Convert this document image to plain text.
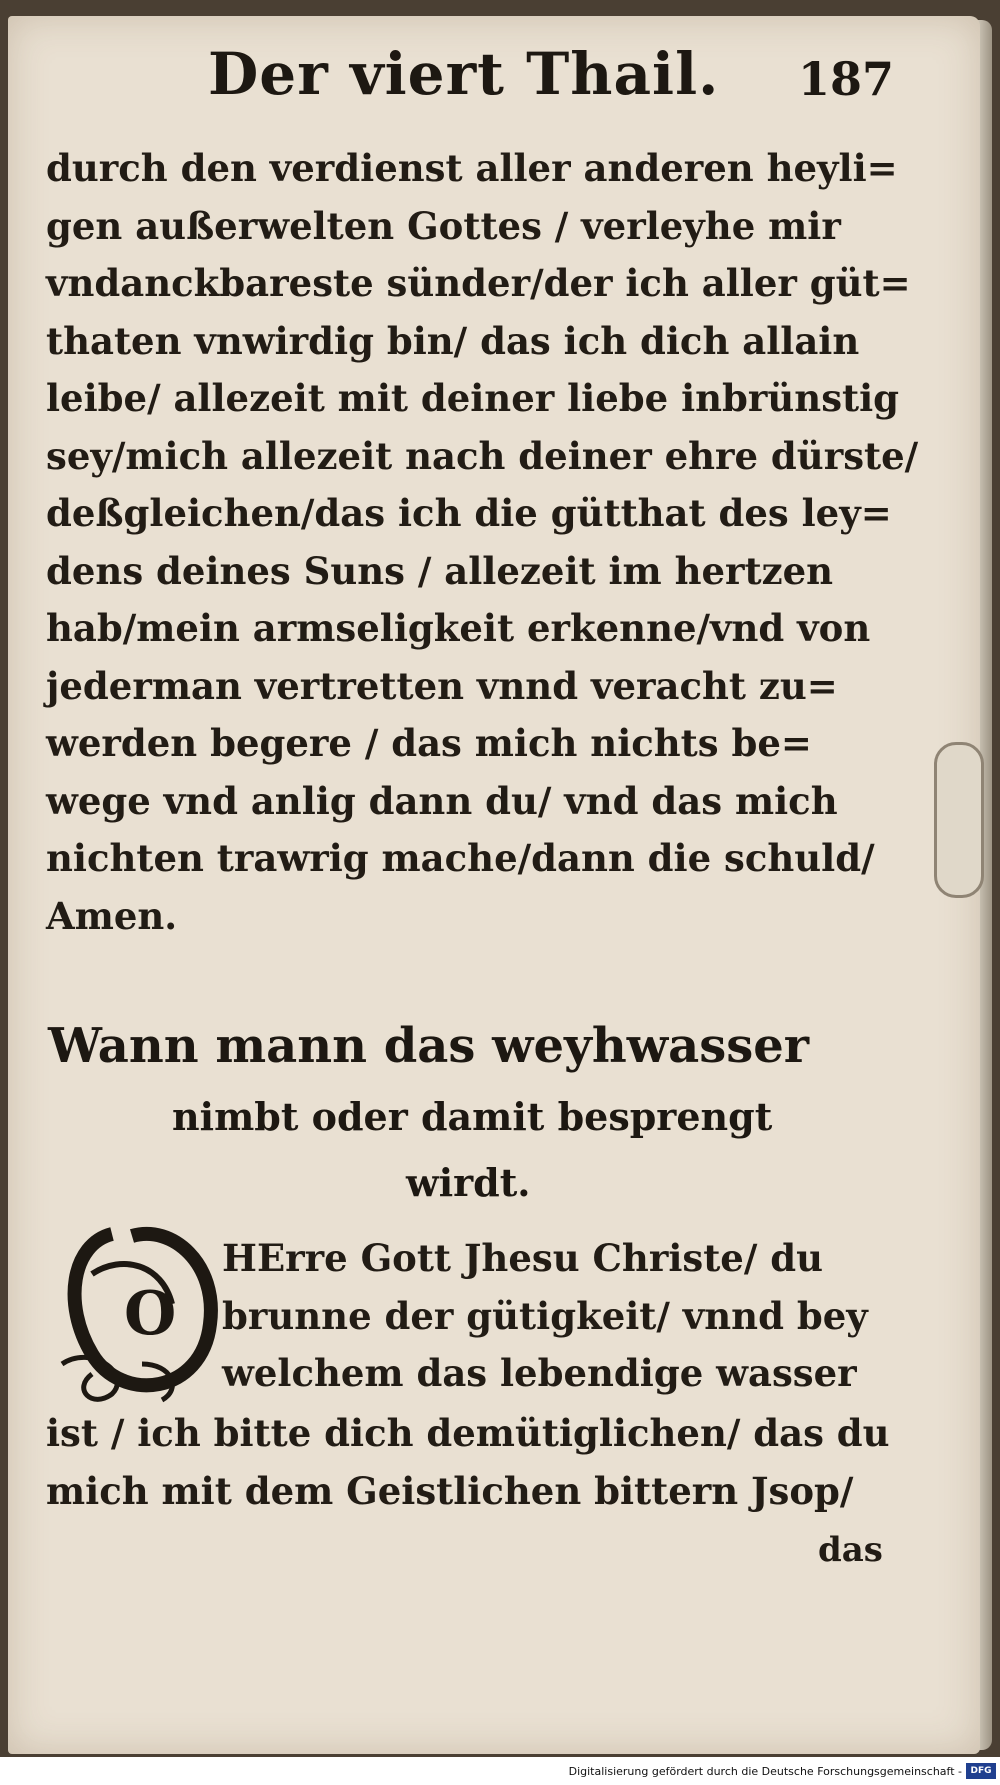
Der viert Thail. 187
durch den verdienst aller anderen heyli=
gen außerwelten Gottes / verleyhe mir
vndanckbareste sünder/der ich aller güt=
thaten vnwirdig bin/ das ich dich allain
leibe/ allezeit mit deiner liebe inbrünstig
sey/mich allezeit nach deiner ehre dürste/
deßgleichen/das ich die gütthat des ley=
dens deines Suns / allezeit im hertzen
hab/mein armseligkeit erkenne/vnd von
jederman vertretten vnnd veracht zu=
werden begere / das mich nichts be=
wege vnd anlig dann du/ vnd das mich
nichten trawrig mache/dann die schuld/
Amen.
Wann mann das weyhwasser
nimbt oder damit besprengt
wirdt.
O
HErre Gott Jhesu Christe/ du
brunne der gütigkeit/ vnnd bey
welchem das lebendige wasser
ist / ich bitte dich demütiglichen/ das du
mich mit dem Geistlichen bittern Jsop/
das
Digitalisierung gefördert durch die Deutsche Forschungsgemeinschaft - DFG
